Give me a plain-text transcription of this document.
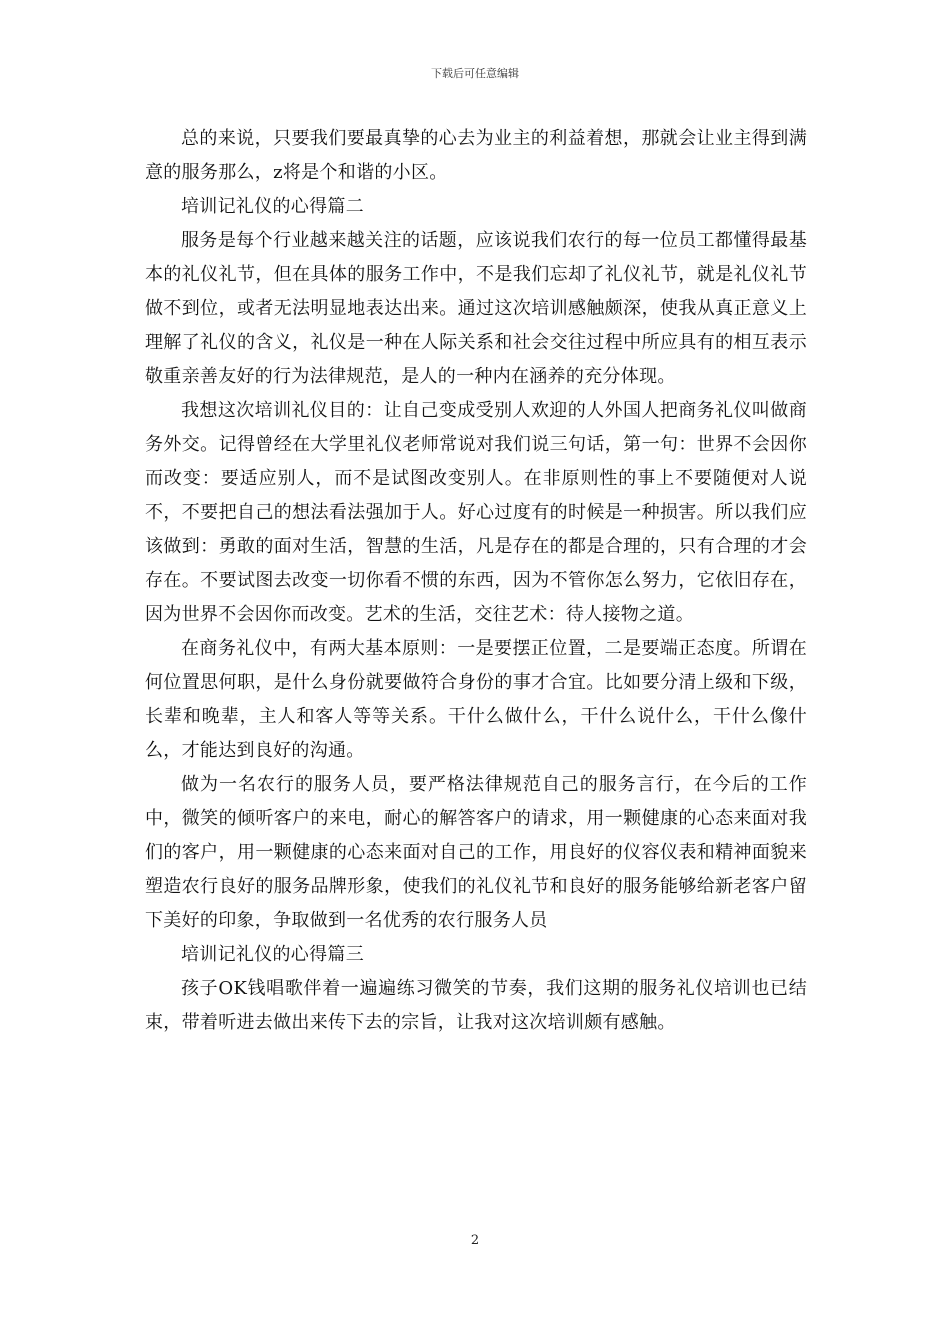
下载后可任意编辑

总的来说，只要我们要最真挚的心去为业主的利益着想，那就会让业主得到满意的服务那么，z将是个和谐的小区。

培训记礼仪的心得篇二

服务是每个行业越来越关注的话题，应该说我们农行的每一位员工都懂得最基本的礼仪礼节，但在具体的服务工作中，不是我们忘却了礼仪礼节，就是礼仪礼节做不到位，或者无法明显地表达出来。通过这次培训感触颇深，使我从真正意义上理解了礼仪的含义，礼仪是一种在人际关系和社会交往过程中所应具有的相互表示敬重亲善友好的行为法律规范，是人的一种内在涵养的充分体现。

我想这次培训礼仪目的：让自己变成受别人欢迎的人外国人把商务礼仪叫做商务外交。记得曾经在大学里礼仪老师常说对我们说三句话，第一句：世界不会因你而改变：要适应别人，而不是试图改变别人。在非原则性的事上不要随便对人说不，不要把自己的想法看法强加于人。好心过度有的时候是一种损害。所以我们应该做到：勇敢的面对生活，智慧的生活，凡是存在的都是合理的，只有合理的才会存在。不要试图去改变一切你看不惯的东西，因为不管你怎么努力，它依旧存在，因为世界不会因你而改变。艺术的生活，交往艺术：待人接物之道。

在商务礼仪中，有两大基本原则：一是要摆正位置，二是要端正态度。所谓在何位置思何职，是什么身份就要做符合身份的事才合宜。比如要分清上级和下级，长辈和晚辈，主人和客人等等关系。干什么做什么，干什么说什么，干什么像什么，才能达到良好的沟通。

做为一名农行的服务人员，要严格法律规范自己的服务言行，在今后的工作中，微笑的倾听客户的来电，耐心的解答客户的请求，用一颗健康的心态来面对我们的客户，用一颗健康的心态来面对自己的工作，用良好的仪容仪表和精神面貌来塑造农行良好的服务品牌形象，使我们的礼仪礼节和良好的服务能够给新老客户留下美好的印象，争取做到一名优秀的农行服务人员

培训记礼仪的心得篇三

孩子OK钱唱歌伴着一遍遍练习微笑的节奏，我们这期的服务礼仪培训也已结束，带着听进去做出来传下去的宗旨，让我对这次培训颇有感触。

2
